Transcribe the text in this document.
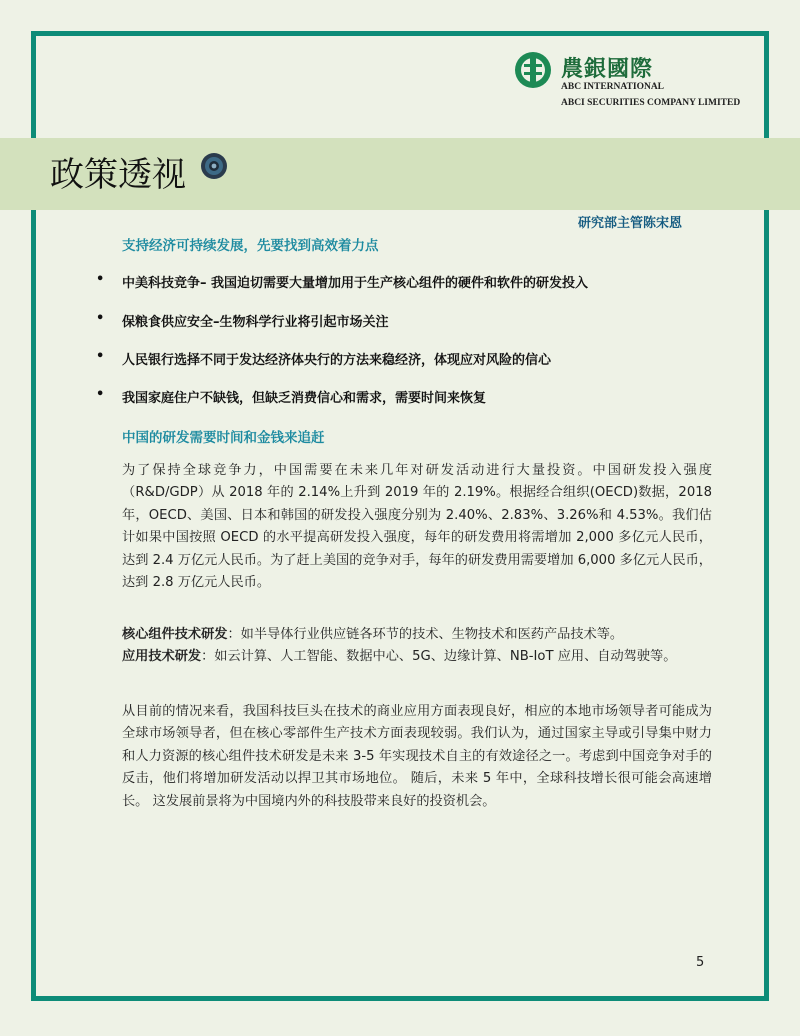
農銀國際
ABC INTERNATIONAL
ABCI SECURITIES COMPANY LIMITED
政策透视
研究部主管陈宋恩
支持经济可持续发展，先要找到高效着力点
• 中美科技竞争– 我国迫切需要大量增加用于生产核心组件的硬件和软件的研发投入
• 保粮食供应安全–生物科学行业将引起市场关注
• 人民银行选择不同于发达经济体央行的方法来稳经济，体现应对风险的信心
• 我国家庭住户不缺钱，但缺乏消费信心和需求，需要时间来恢复
中国的研发需要时间和金钱来追赶
为了保持全球竞争力，中国需要在未来几年对研发活动进行大量投资。中国研发投入强度（R&D/GDP）从 2018 年的 2.14%上升到 2019 年的 2.19%。根据经合组织(OECD)数据，2018 年，OECD、美国、日本和韩国的研发投入强度分别为 2.40%、2.83%、3.26%和 4.53%。我们估计如果中国按照 OECD 的水平提高研发投入强度，每年的研发费用将需增加 2,000 多亿元人民币，达到 2.4 万亿元人民币。为了赶上美国的竞争对手，每年的研发费用需要增加 6,000 多亿元人民币，达到 2.8 万亿元人民币。
核心组件技术研发：如半导体行业供应链各环节的技术、生物技术和医药产品技术等。
应用技术研发：如云计算、人工智能、数据中心、5G、边缘计算、NB-IoT 应用、自动驾驶等。
从目前的情况来看，我国科技巨头在技术的商业应用方面表现良好，相应的本地市场领导者可能成为全球市场领导者，但在核心零部件生产技术方面表现较弱。我们认为，通过国家主导或引导集中财力和人力资源的核心组件技术研发是未来 3-5 年实现技术自主的有效途径之一。考虑到中国竞争对手的反击，他们将增加研发活动以捍卫其市场地位。 随后，未来 5 年中，全球科技增长很可能会高速增长。 这发展前景将为中国境内外的科技股带来良好的投资机会。
5
